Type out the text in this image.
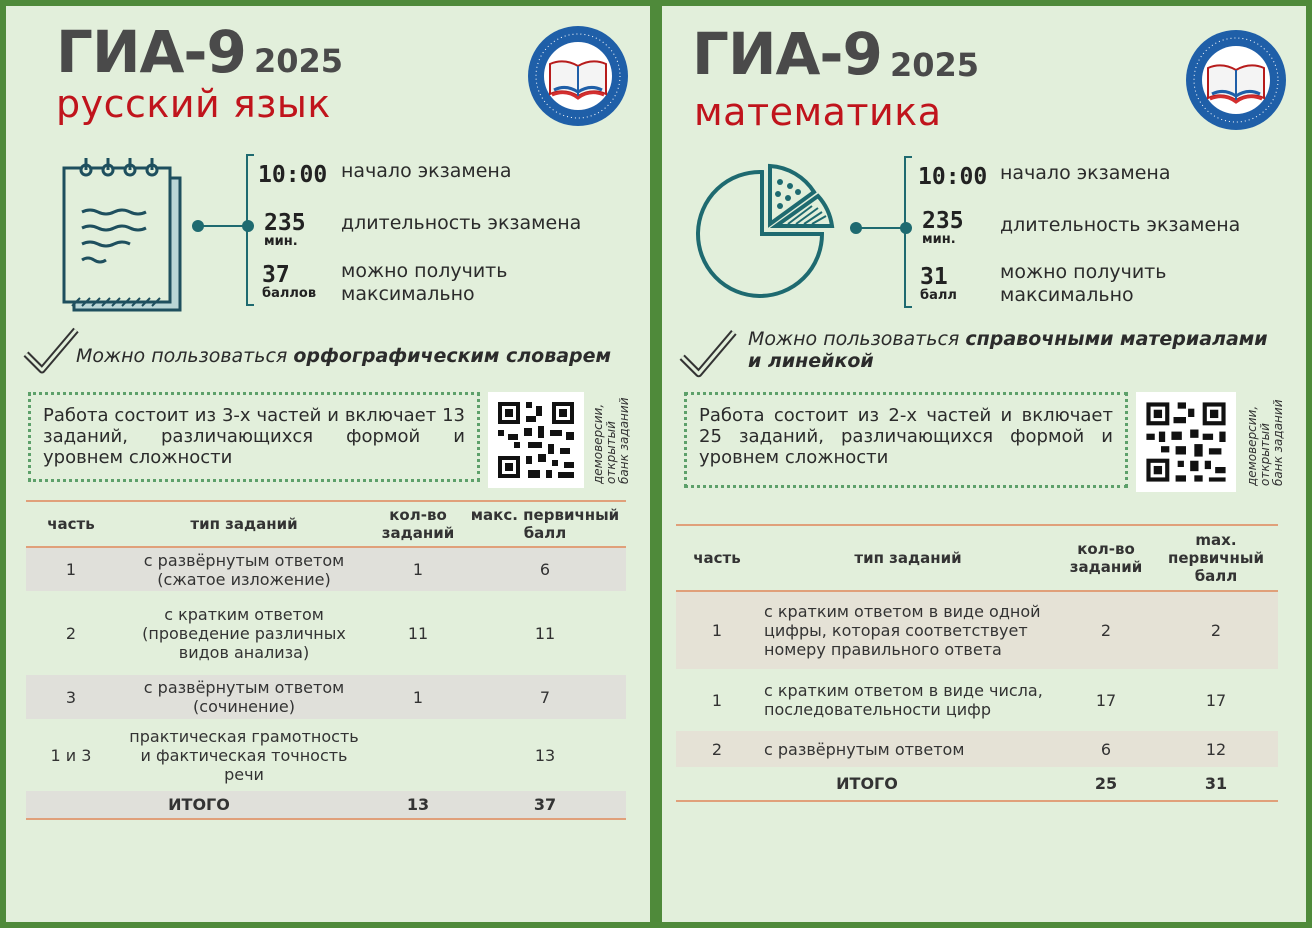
ГИА-9 2025
русский язык
10:00 начало экзамена
235
мин.
длительность экзамена
37
баллов
можно получить
максимально
Можно пользоваться орфографическим словарем
Работа состоит из 3-х частей и включает 13 заданий, различающихся формой и уровнем сложности	демоверсии, открытый банк заданий
часть	тип заданий	кол-во заданий	макс. первичный балл
1	с развёрнутым ответом
(сжатое изложение)	1	6
2	с кратким ответом
(проведение различных
видов анализа)	11	11
3	с развёрнутым ответом
(сочинение)	1	7
1 и 3	практическая грамотность
и фактическая точность
речи		13
ИТОГО		13	37
ГИА-9 2025
математика
10:00 начало экзамена
235
мин.
длительность экзамена
31
балл
можно получить
максимально
Можно пользоваться справочными материалами
и линейкой
Работа состоит из 2-х частей и включает 25 заданий, различающихся формой и уровнем сложности	демоверсии, открытый банк заданий
часть	тип заданий	кол-во заданий	max. первичный балл
1	с кратким ответом в виде одной
цифры, которая соответствует
номеру правильного ответа	2	2
1	с кратким ответом в виде числа,
последовательности цифр	17	17
2	с развёрнутым ответом	6	12
ИТОГО		25	31
